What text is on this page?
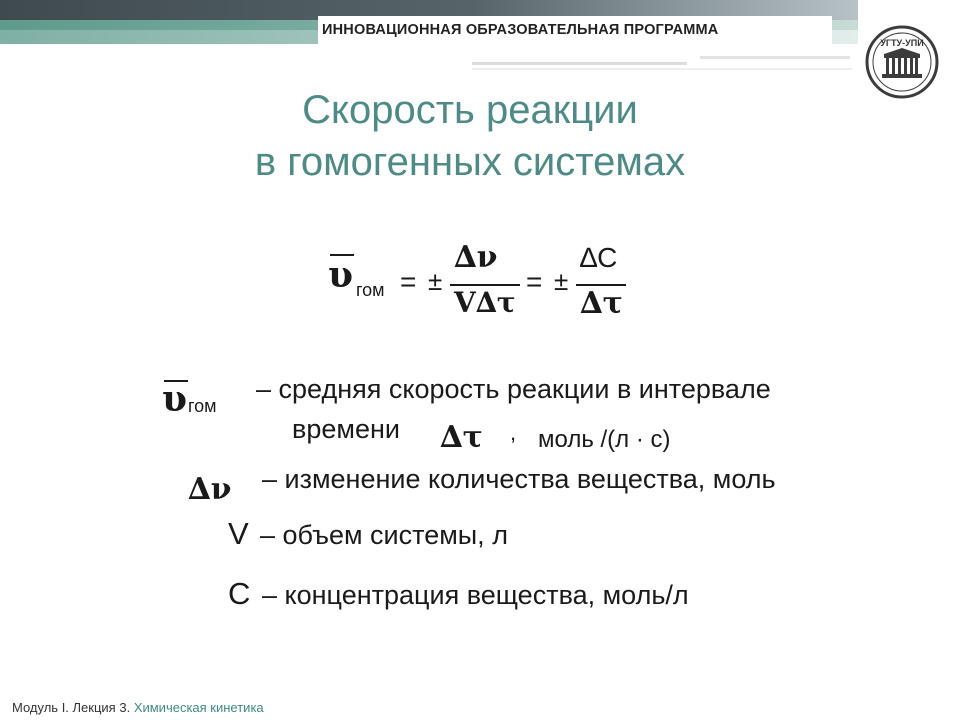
ИННОВАЦИОННАЯ ОБРАЗОВАТЕЛЬНАЯ ПРОГРАММА
УГТУ-УПИ
Скорость реакции
в гомогенных системах
υ гом = ±
∆ν
V∆τ
= ±
∆С
∆τ
υ гом
– средняя скорость реакции в интервале
времени ∆τ , моль /(л · с)
∆ν – изменение количества вещества, моль
V – объем системы, л
С – концентрация вещества, моль/л
Модуль I. Лекция 3. Химическая кинетика
